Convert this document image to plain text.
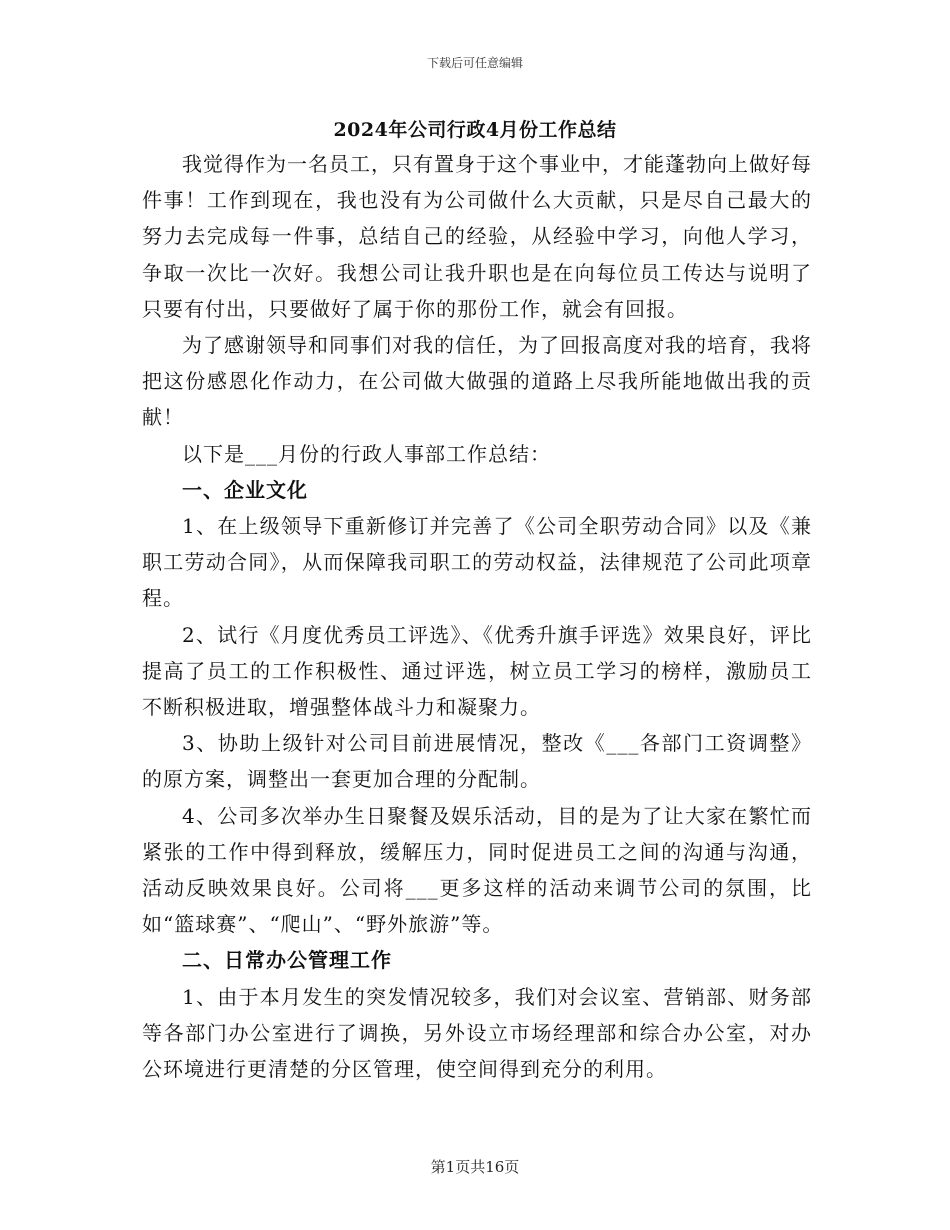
下载后可任意编辑
2024年公司行政4月份工作总结

我觉得作为一名员工，只有置身于这个事业中，才能蓬勃向上做好每件事！工作到现在，我也没有为公司做什么大贡献，只是尽自己最大的努力去完成每一件事，总结自己的经验，从经验中学习，向他人学习，争取一次比一次好。我想公司让我升职也是在向每位员工传达与说明了只要有付出，只要做好了属于你的那份工作，就会有回报。

为了感谢领导和同事们对我的信任，为了回报高度对我的培育，我将把这份感恩化作动力，在公司做大做强的道路上尽我所能地做出我的贡献！

以下是___月份的行政人事部工作总结：

一、企业文化

1、在上级领导下重新修订并完善了《公司全职劳动合同》以及《兼职工劳动合同》，从而保障我司职工的劳动权益，法律规范了公司此项章程。

2、试行《月度优秀员工评选》、《优秀升旗手评选》效果良好，评比提高了员工的工作积极性、通过评选，树立员工学习的榜样，激励员工不断积极进取，增强整体战斗力和凝聚力。

3、协助上级针对公司目前进展情况，整改《___各部门工资调整》的原方案，调整出一套更加合理的分配制。

4、公司多次举办生日聚餐及娱乐活动，目的是为了让大家在繁忙而紧张的工作中得到释放，缓解压力，同时促进员工之间的沟通与沟通，活动反映效果良好。公司将___更多这样的活动来调节公司的氛围，比如“篮球赛”、“爬山”、“野外旅游”等。

二、日常办公管理工作

1、由于本月发生的突发情况较多，我们对会议室、营销部、财务部等各部门办公室进行了调换，另外设立市场经理部和综合办公室，对办公环境进行更清楚的分区管理，使空间得到充分的利用。

第1页共16页
